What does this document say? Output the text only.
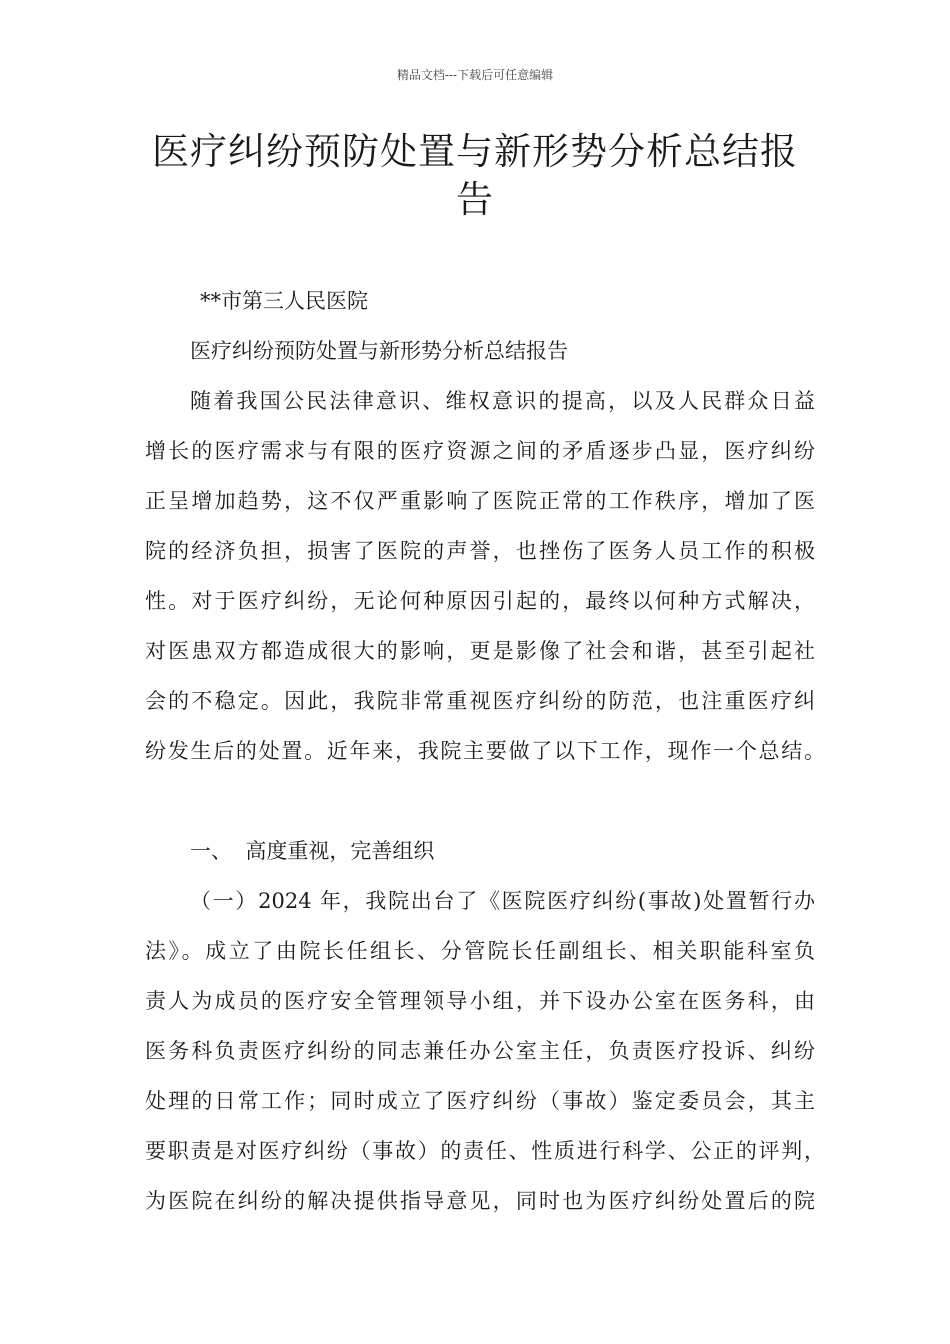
精品文档---下载后可任意编辑
医疗纠纷预防处置与新形势分析总结报告

**市第三人民医院

医疗纠纷预防处置与新形势分析总结报告

随着我国公民法律意识、维权意识的提高，以及人民群众日益

增长的医疗需求与有限的医疗资源之间的矛盾逐步凸显，医疗纠纷

正呈增加趋势，这不仅严重影响了医院正常的工作秩序，增加了医

院的经济负担，损害了医院的声誉，也挫伤了医务人员工作的积极

性。对于医疗纠纷，无论何种原因引起的，最终以何种方式解决，

对医患双方都造成很大的影响，更是影像了社会和谐，甚至引起社

会的不稳定。因此，我院非常重视医疗纠纷的防范，也注重医疗纠

纷发生后的处置。近年来，我院主要做了以下工作，现作一个总结。

一、  高度重视，完善组织

（一）2024 年，我院出台了《医院医疗纠纷(事故)处置暂行办

法》。成立了由院长任组长、分管院长任副组长、相关职能科室负

责人为成员的医疗安全管理领导小组，并下设办公室在医务科，由

医务科负责医疗纠纷的同志兼任办公室主任，负责医疗投诉、纠纷

处理的日常工作；同时成立了医疗纠纷（事故）鉴定委员会，其主

要职责是对医疗纠纷（事故）的责任、性质进行科学、公正的评判，

为医院在纠纷的解决提供指导意见，同时也为医疗纠纷处置后的院
